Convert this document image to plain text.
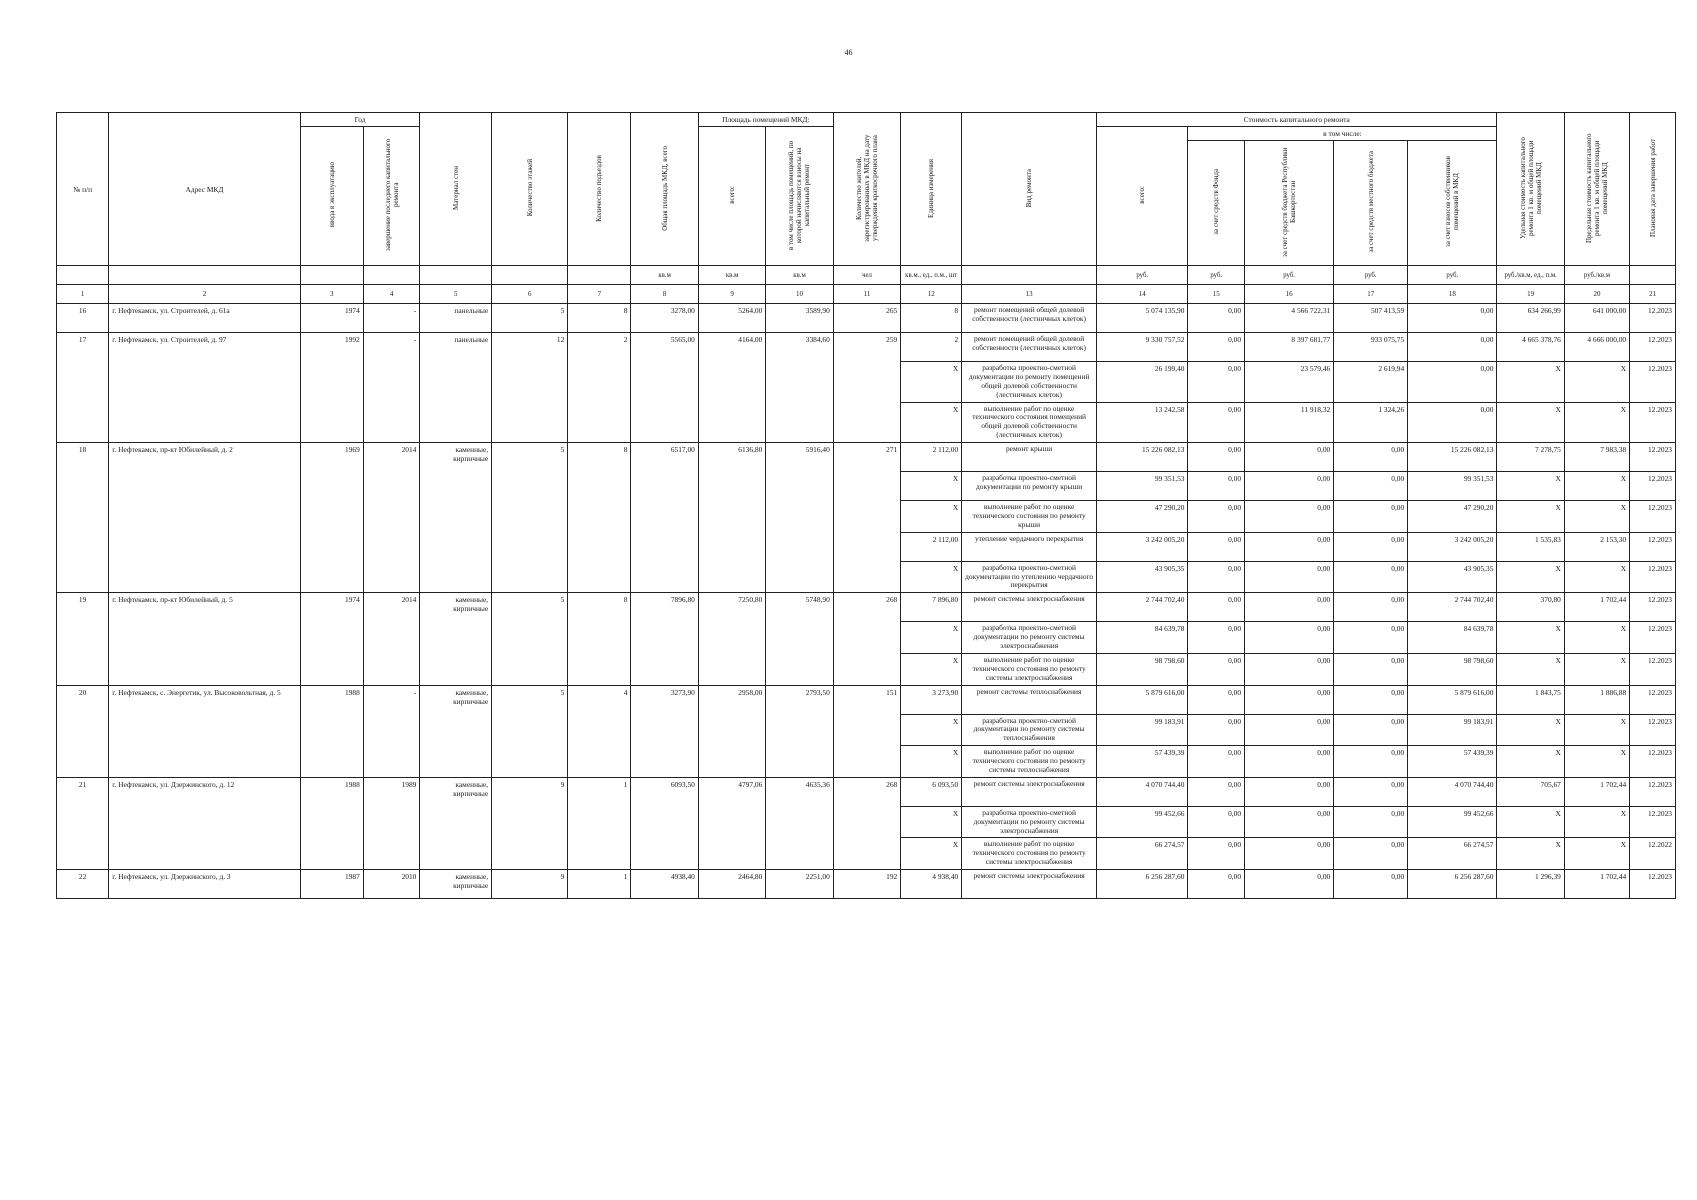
46
№ п/п	Адрес МКД	Год		Материал стен	Количество этажей	Количество подъездов	Общая площадь МКД, всего	Площадь помещений МКД:		Количество жителей, зарегистрированных в МКД на дату утверждения краткосрочного плана	Единица измерения	Вид ремонта	Стоимость капитального ремонта					Удельная стоимость капитального ремонта 1 кв. м общей площади помещений МКД	Предельная стоимость капитального ремонта 1 кв. м общей площади помещений МКД	Плановая дата завершения работ
		ввода в эксплуатацию	завершение последнего капитального ремонта					всего:	в том числе площадь помещений, по которой начисляются взносы на капитальный ремонт				всего:	в том числе:						
														за счет средств Фонда	за счет средств бюджета Республики Башкортостан	за счет средств местного бюджета	за счет взносов собственников помещений в МКД			
							кв.м	кв.м	кв.м	чел	кв.м., ед., п.м., шт		руб.	руб.	руб.	руб.	руб.	руб./кв.м, ед., п.м.	руб./кв.м	
1	2	3	4	5	6	7	8	9	10	11	12	13	14	15	16	17	18	19	20	21
16	г. Нефтекамск, ул. Строителей, д. 61а	1974	-	панельные	5	8	3278,00	5264,00	3589,90	265	8	ремонт помещений общей долевой собственности (лестничных клеток)	5 074 135,90	0,00	4 566 722,31	507 413,59	0,00	634 266,99	641 000,00	12.2023
17	г. Нефтекамск, ул. Строителей, д. 97	1992	-	панельные	12	2	5565,00	4164,00	3384,60	259	2	ремонт помещений общей долевой собственности (лестничных клеток)	9 330 757,52	0,00	8 397 681,77	933 075,75	0,00	4 665 378,76	4 666 000,00	12.2023
											X	разработка проектно-сметной документации по ремонту помещений общей долевой собственности (лестничных клеток)	26 199,40	0,00	23 579,46	2 619,94	0,00	X	X	12.2023
											X	выполнение работ по оценке технического состояния помещений общей долевой собственности (лестничных клеток)	13 242,58	0,00	11 918,32	1 324,26	0,00	X	X	12.2023
18	г. Нефтекамск, пр-кт Юбилейный, д. 2	1969	2014	каменные, кирпичные	5	8	6517,00	6136,80	5916,40	271	2 112,00	ремонт крыши	15 226 082,13	0,00	0,00	0,00	15 226 082,13	7 278,75	7 983,38	12.2023
											X	разработка проектно-сметной документации по ремонту крыши	99 351,53	0,00	0,00	0,00	99 351,53	X	X	12.2023
											X	выполнение работ по оценке технического состояния по ремонту крыши	47 290,20	0,00	0,00	0,00	47 290,20	X	X	12.2023
											2 112,00	утепление чердачного перекрытия	3 242 005,20	0,00	0,00	0,00	3 242 005,20	1 535,83	2 153,30	12.2023
											X	разработка проектно-сметной документации по утеплению чердачного перекрытия	43 905,35	0,00	0,00	0,00	43 905,35	X	X	12.2023
19	г. Нефтекамск, пр-кт Юбилейный, д. 5	1974	2014	каменные, кирпичные	5	8	7896,80	7250,80	5748,90	268	7 896,80	ремонт системы электроснабжения	2 744 702,40	0,00	0,00	0,00	2 744 702,40	370,80	1 702,44	12.2023
											X	разработка проектно-сметной документации по ремонту системы электроснабжения	84 639,78	0,00	0,00	0,00	84 639,78	X	X	12.2023
											X	выполнение работ по оценке технического состояния по ремонту системы электроснабжения	98 798,60	0,00	0,00	0,00	98 798,60	X	X	12.2023
20	г. Нефтекамск, с. Энергетик, ул. Высоковольтная, д. 5	1988	-	каменные, кирпичные	5	4	3273,90	2958,00	2793,50	151	3 273,90	ремонт системы теплоснабжения	5 879 616,00	0,00	0,00	0,00	5 879 616,00	1 843,75	1 886,88	12.2023
											X	разработка проектно-сметной документации по ремонту системы теплоснабжения	99 183,91	0,00	0,00	0,00	99 183,91	X	X	12.2023
											X	выполнение работ по оценке технического состояния по ремонту системы теплоснабжения	57 439,39	0,00	0,00	0,00	57 439,39	X	X	12.2023
21	г. Нефтекамск, ул. Дзержинского, д. 12	1988	1989	каменные, кирпичные	9	1	6093,50	4797,06	4635,36	268	6 093,50	ремонт системы электроснабжения	4 070 744,40	0,00	0,00	0,00	4 070 744,40	705,67	1 702,44	12.2023
											X	разработка проектно-сметной документации по ремонту системы электроснабжения	99 452,66	0,00	0,00	0,00	99 452,66	X	X	12.2023
											X	выполнение работ по оценке технического состояния по ремонту системы электроснабжения	66 274,57	0,00	0,00	0,00	66 274,57	X	X	12.2022
22	г. Нефтекамск, ул. Дзержинского, д. 3	1987	2010	каменные, кирпичные	9	1	4938,40	2464,80	2251,00	192	4 938,40	ремонт системы электроснабжения	6 256 287,60	0,00	0,00	0,00	6 256 287,60	1 296,39	1 702,44	12.2023
